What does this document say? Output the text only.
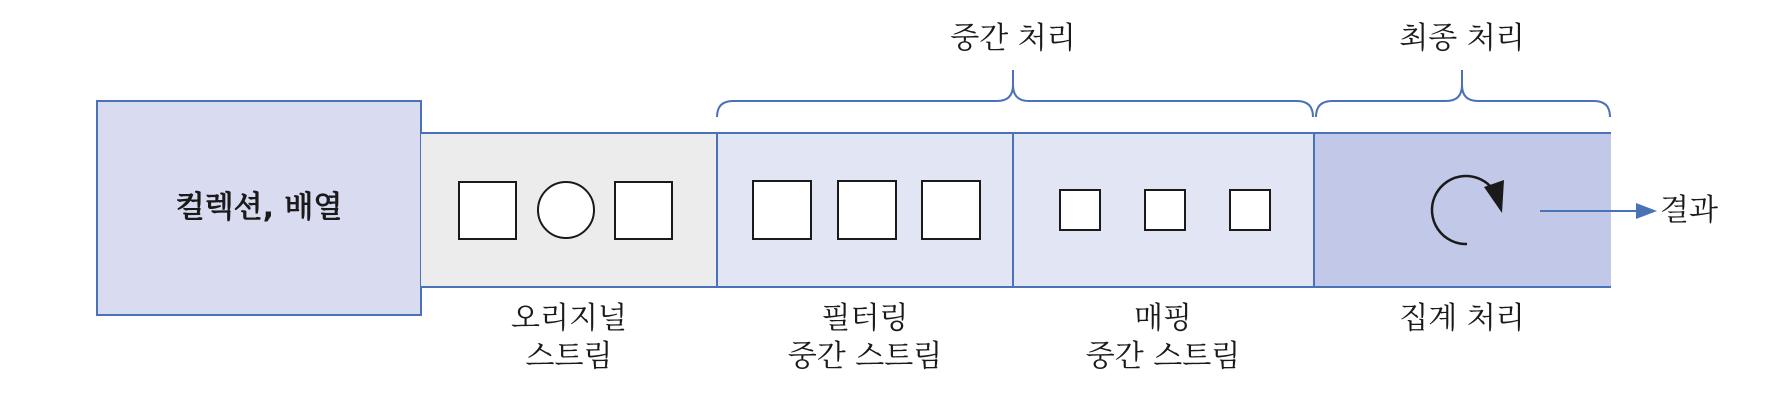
컬렉션, 배열
중간 처리	최종 처리
오리지널
스트림
필터링
중간 스트림
매핑
중간 스트림
집계 처리
결과
